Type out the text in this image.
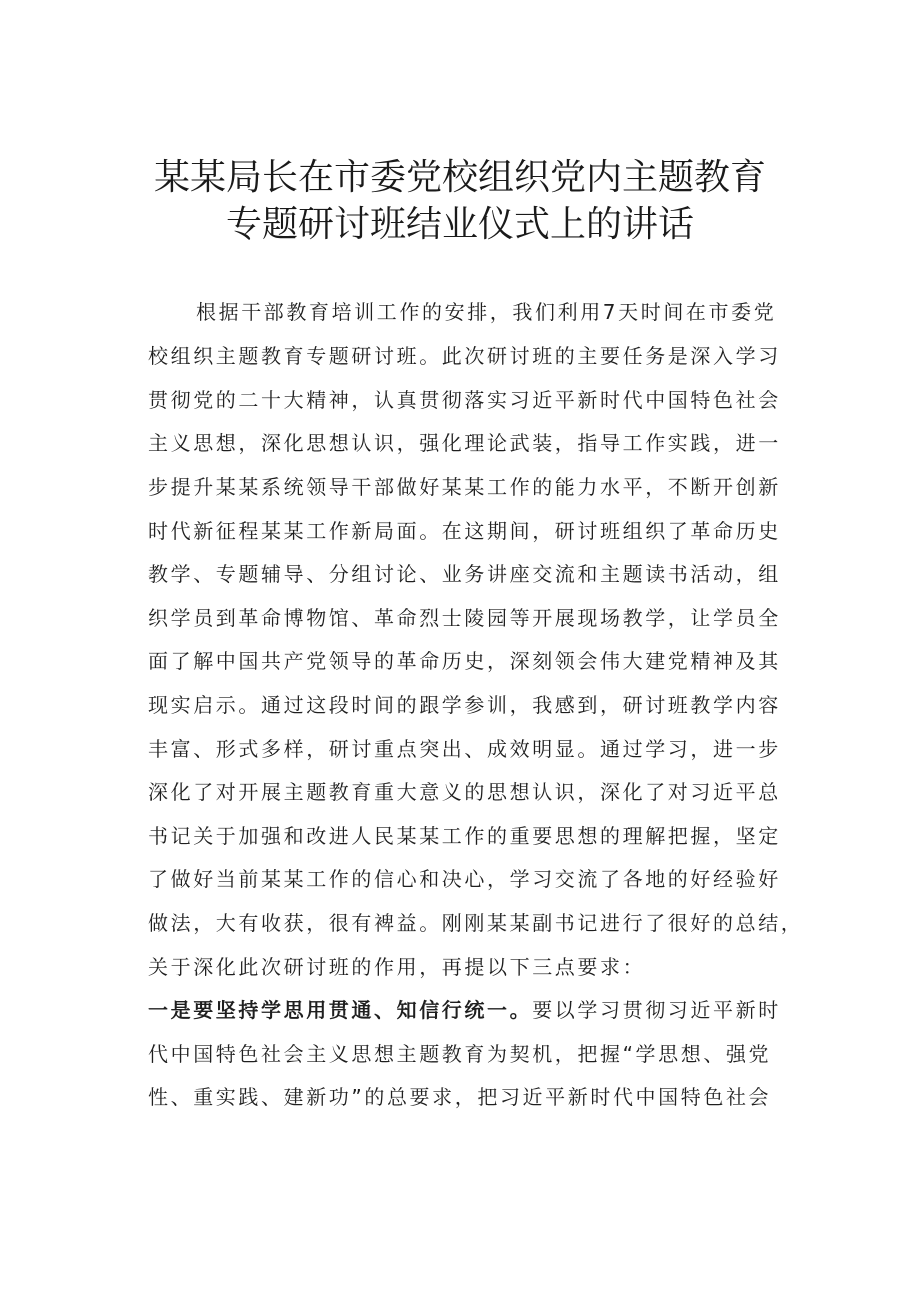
某某局长在市委党校组织党内主题教育
专题研讨班结业仪式上的讲话
根据干部教育培训工作的安排，我们利用7天时间在市委党
校组织主题教育专题研讨班。此次研讨班的主要任务是深入学习
贯彻党的二十大精神，认真贯彻落实习近平新时代中国特色社会
主义思想，深化思想认识，强化理论武装，指导工作实践，进一
步提升某某系统领导干部做好某某工作的能力水平，不断开创新
时代新征程某某工作新局面。在这期间，研讨班组织了革命历史
教学、专题辅导、分组讨论、业务讲座交流和主题读书活动，组
织学员到革命博物馆、革命烈士陵园等开展现场教学，让学员全
面了解中国共产党领导的革命历史，深刻领会伟大建党精神及其
现实启示。通过这段时间的跟学参训，我感到，研讨班教学内容
丰富、形式多样，研讨重点突出、成效明显。通过学习，进一步
深化了对开展主题教育重大意义的思想认识，深化了对习近平总
书记关于加强和改进人民某某工作的重要思想的理解把握，坚定
了做好当前某某工作的信心和决心，学习交流了各地的好经验好
做法，大有收获，很有裨益。刚刚某某副书记进行了很好的总结，
关于深化此次研讨班的作用，再提以下三点要求：
一是要坚持学思用贯通、知信行统一。要以学习贯彻习近平新时
代中国特色社会主义思想主题教育为契机，把握“学思想、强党
性、重实践、建新功”的总要求，把习近平新时代中国特色社会
